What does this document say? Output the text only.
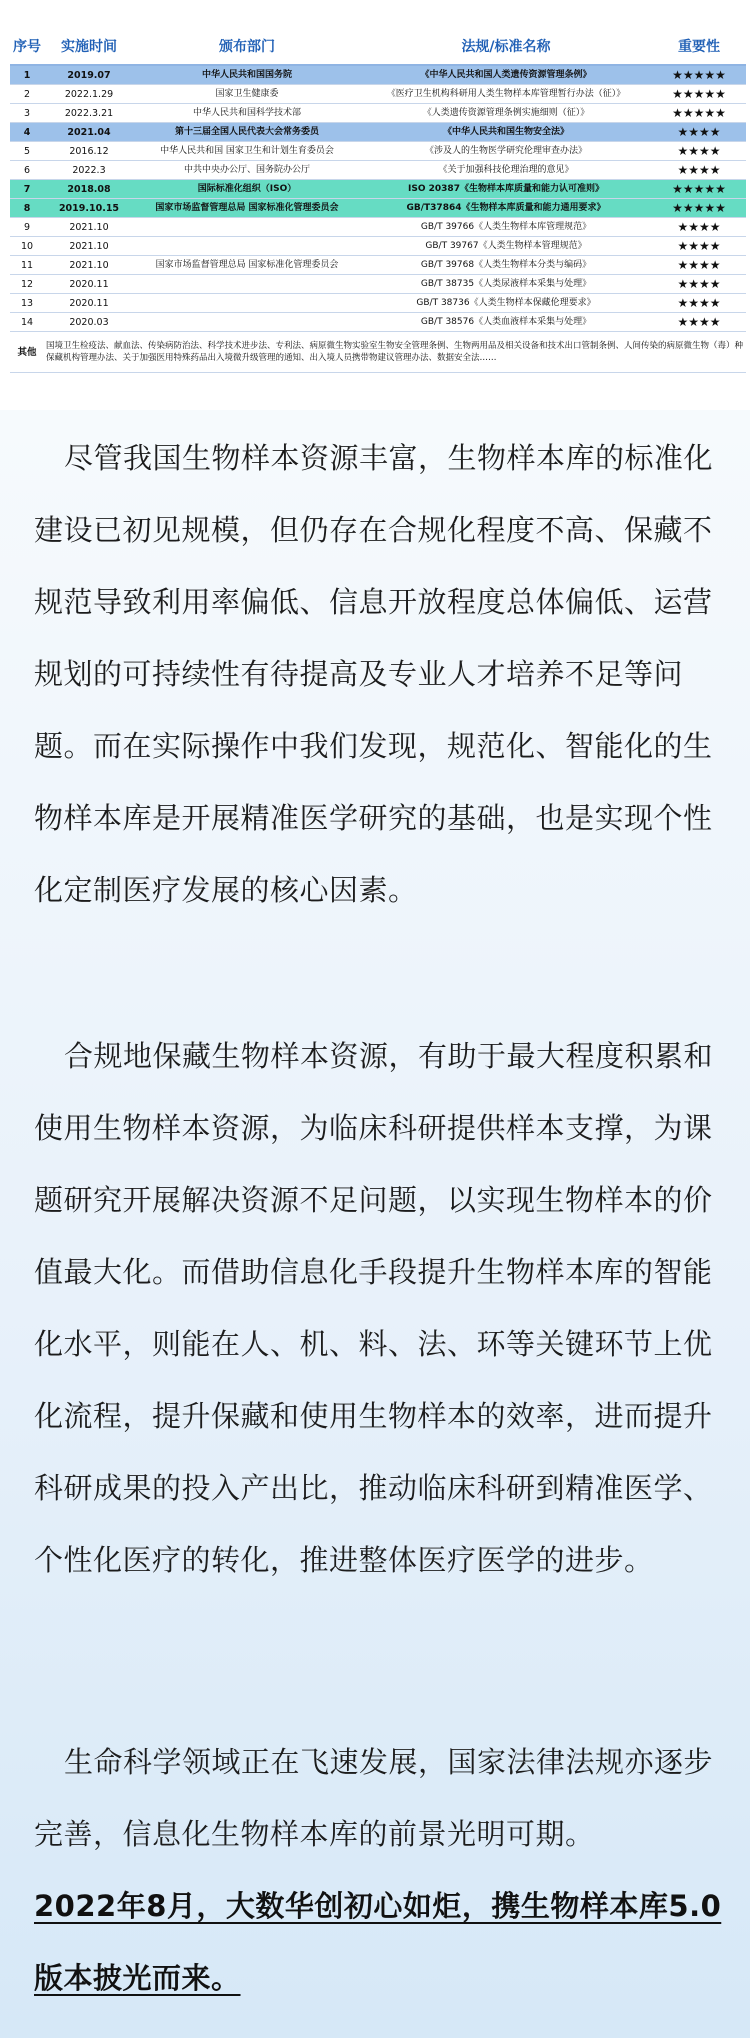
序号	实施时间	颁布部门	法规/标准名称	重要性
1	2019.07	中华人民共和国国务院	《中华人民共和国人类遗传资源管理条例》	★★★★★
2	2022.1.29	国家卫生健康委	《医疗卫生机构科研用人类生物样本库管理暂行办法（征）》	★★★★★
3	2022.3.21	中华人民共和国科学技术部	《人类遗传资源管理条例实施细则（征）》	★★★★★
4	2021.04	第十三届全国人民代表大会常务委员	《中华人民共和国生物安全法》	★★★★
5	2016.12	中华人民共和国 国家卫生和计划生育委员会	《涉及人的生物医学研究伦理审查办法》	★★★★
6	2022.3	中共中央办公厅、国务院办公厅	《关于加强科技伦理治理的意见》	★★★★
7	2018.08	国际标准化组织（ISO）	ISO 20387《生物样本库质量和能力认可准则》	★★★★★
8	2019.10.15	国家市场监督管理总局 国家标准化管理委员会	GB/T37864《生物样本库质量和能力通用要求》	★★★★★
9	2021.10		GB/T 39766《人类生物样本库管理规范》	★★★★
10	2021.10		GB/T 39767《人类生物样本管理规范》	★★★★
11	2021.10	国家市场监督管理总局 国家标准化管理委员会	GB/T 39768《人类生物样本分类与编码》	★★★★
12	2020.11		GB/T 38735《人类尿液样本采集与处理》	★★★★
13	2020.11		GB/T 38736《人类生物样本保藏伦理要求》	★★★★
14	2020.03		GB/T 38576《人类血液样本采集与处理》	★★★★
其他	国境卫生检疫法、献血法、传染病防治法、科学技术进步法、专利法、病原微生物实验室生物安全管理条例、生物两用品及相关设备和技术出口管制条例、人间传染的病原微生物（毒）种保藏机构管理办法、关于加强医用特殊药品出入境微升级管理的通知、出入境人员携带物建议管理办法、数据安全法……			

尽管我国生物样本资源丰富，生物样本库的标准化建设已初见规模，但仍存在合规化程度不高、保藏不规范导致利用率偏低、信息开放程度总体偏低、运营规划的可持续性有待提高及专业人才培养不足等问题。而在实际操作中我们发现，规范化、智能化的生物样本库是开展精准医学研究的基础，也是实现个性化定制医疗发展的核心因素。

合规地保藏生物样本资源，有助于最大程度积累和使用生物样本资源，为临床科研提供样本支撑，为课题研究开展解决资源不足问题，以实现生物样本的价值最大化。而借助信息化手段提升生物样本库的智能化水平，则能在人、机、料、法、环等关键环节上优化流程，提升保藏和使用生物样本的效率，进而提升科研成果的投入产出比，推动临床科研到精准医学、个性化医疗的转化，推进整体医疗医学的进步。

生命科学领域正在飞速发展，国家法律法规亦逐步完善，信息化生物样本库的前景光明可期。

2022年8月，大数华创初心如炬，携生物样本库5.0版本披光而来。
